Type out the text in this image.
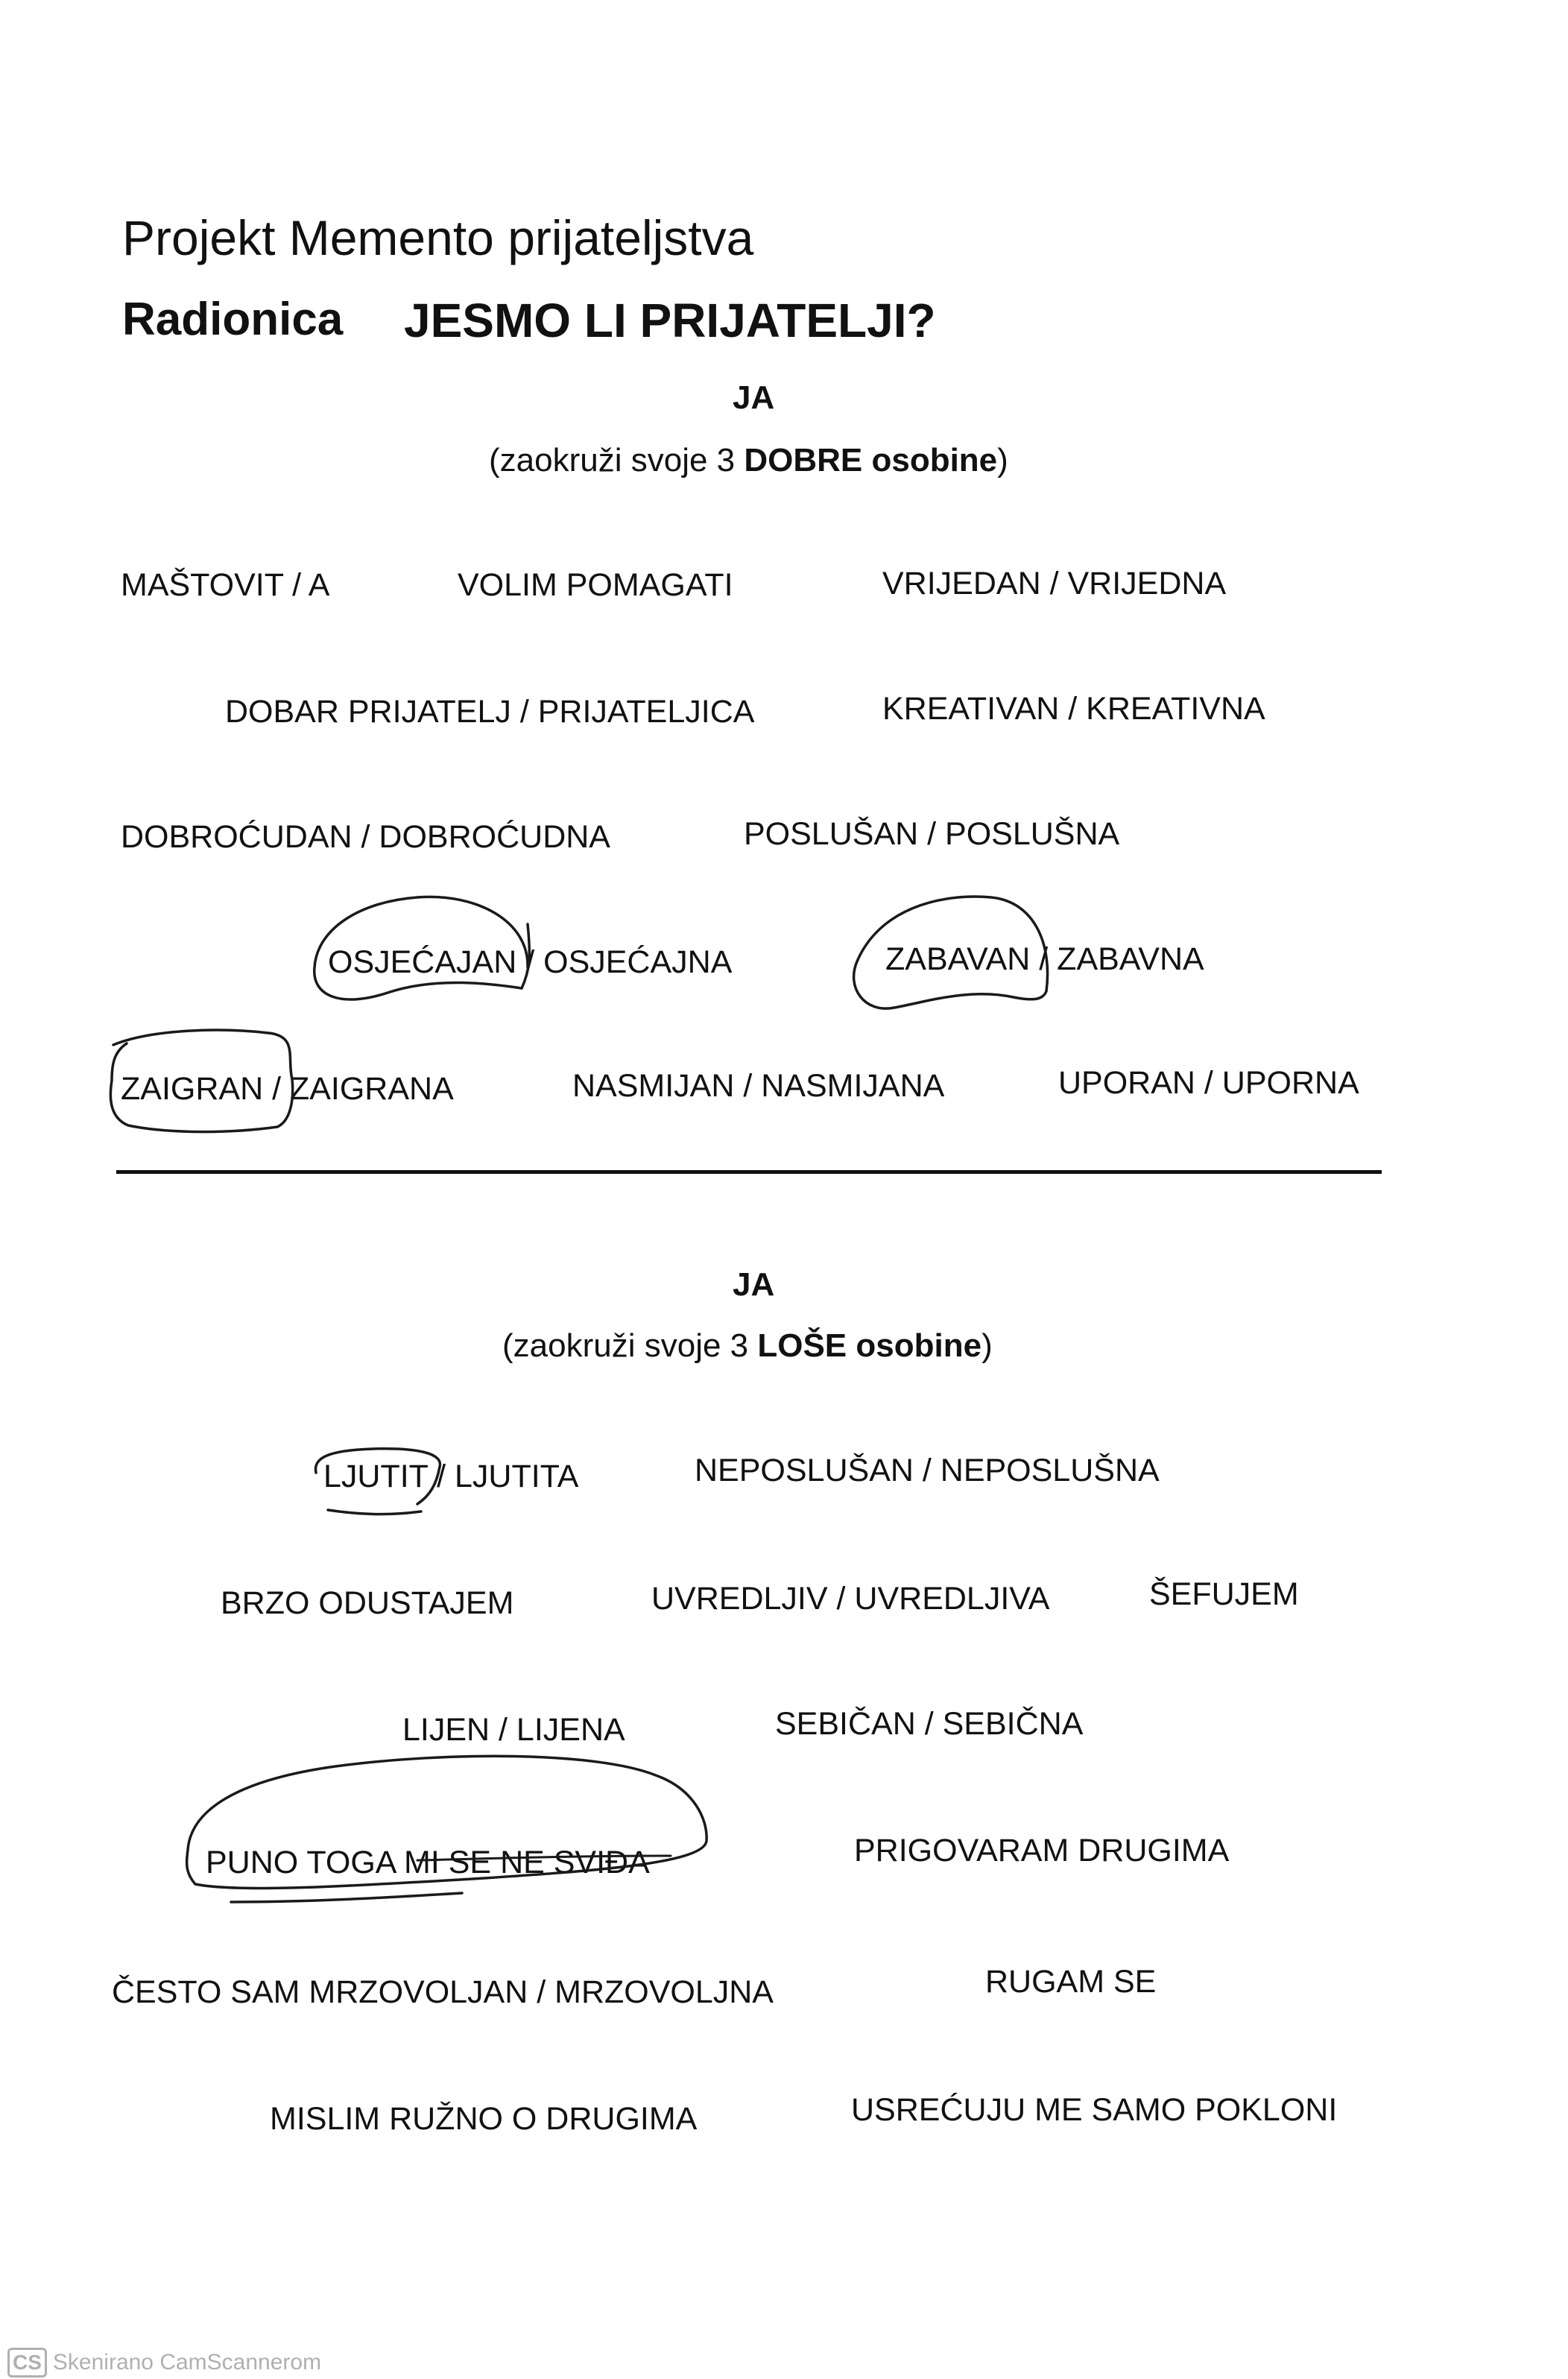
Projekt Memento prijateljstva
Radionica JESMO LI PRIJATELJI?
JA
(zaokruži svoje 3 DOBRE osobine)
MAŠTOVIT / A	VOLIM POMAGATI	VRIJEDAN / VRIJEDNA
DOBAR PRIJATELJ / PRIJATELJICA	KREATIVAN / KREATIVNA
DOBROĆUDAN / DOBROĆUDNA	POSLUŠAN / POSLUŠNA
OSJEĆAJAN / OSJEĆAJNA	ZABAVAN / ZABAVNA
ZAIGRAN / ZAIGRANA	NASMIJAN / NASMIJANA	UPORAN / UPORNA
JA
(zaokruži svoje 3 LOŠE osobine)
LJUTIT / LJUTITA	NEPOSLUŠAN / NEPOSLUŠNA
BRZO ODUSTAJEM	UVREDLJIV / UVREDLJIVA	ŠEFUJEM
LIJEN / LIJENA	SEBIČAN / SEBIČNA
PUNO TOGA MI SE NE SVIĐA	PRIGOVARAM DRUGIMA
ČESTO SAM MRZOVOLJAN / MRZOVOLJNA	RUGAM SE
MISLIM RUŽNO O DRUGIMA	USREĆUJU ME SAMO POKLONI
CS Skenirano CamScannerom
